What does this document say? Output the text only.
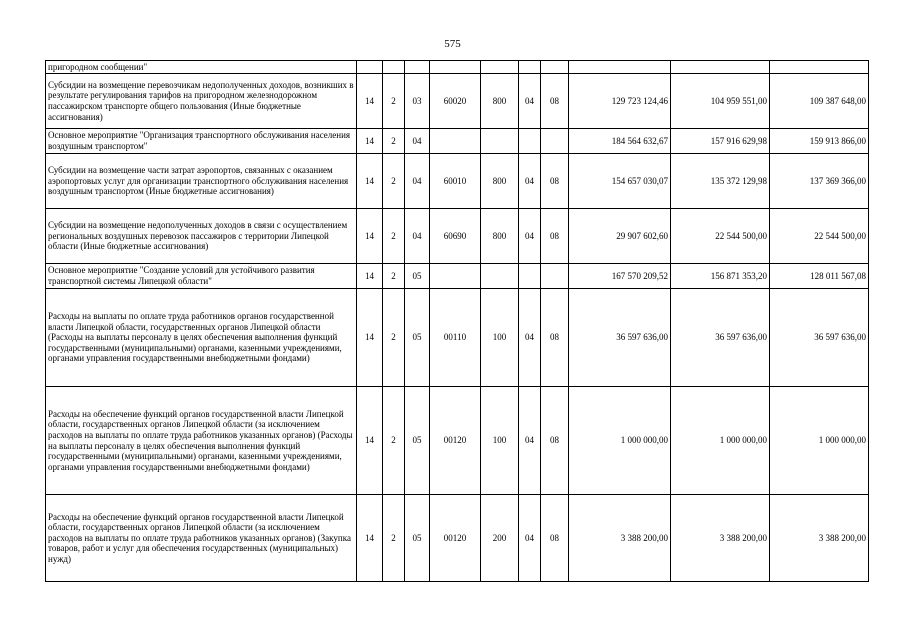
575
пригородном сообщении"										
Субсидии на возмещение перевозчикам недополученных доходов, возникших в результате регулирования тарифов на пригородном железнодорожном пассажирском транспорте общего пользования (Иные бюджетные ассигнования)	14	2	03	60020	800	04	08	129 723 124,46	104 959 551,00	109 387 648,00
Основное мероприятие "Организация транспортного обслуживания населения воздушным транспортом"	14	2	04					184 564 632,67	157 916 629,98	159 913 866,00
Субсидии на возмещение части затрат аэропортов, связанных с оказанием аэропортовых услуг для организации транспортного обслуживания населения воздушным транспортом (Иные бюджетные ассигнования)	14	2	04	60010	800	04	08	154 657 030,07	135 372 129,98	137 369 366,00
Субсидии на возмещение недополученных доходов в связи с осуществлением региональных воздушных перевозок пассажиров с территории Липецкой области (Иные бюджетные ассигнования)	14	2	04	60690	800	04	08	29 907 602,60	22 544 500,00	22 544 500,00
Основное мероприятие "Создание условий для устойчивого развития транспортной системы Липецкой области"	14	2	05					167 570 209,52	156 871 353,20	128 011 567,08
Расходы на выплаты по оплате труда работников органов государственной власти Липецкой области, государственных органов Липецкой области (Расходы на выплаты персоналу в целях обеспечения выполнения функций государственными (муниципальными) органами, казенными учреждениями, органами управления государственными внебюджетными фондами)	14	2	05	00110	100	04	08	36 597 636,00	36 597 636,00	36 597 636,00
Расходы на обеспечение функций органов государственной власти Липецкой области, государственных органов Липецкой области (за исключением расходов на выплаты по оплате труда работников указанных органов) (Расходы на выплаты персоналу в целях обеспечения выполнения функций государственными (муниципальными) органами, казенными учреждениями, органами управления государственными внебюджетными фондами)	14	2	05	00120	100	04	08	1 000 000,00	1 000 000,00	1 000 000,00
Расходы на обеспечение функций органов государственной власти Липецкой области, государственных органов Липецкой области (за исключением расходов на выплаты по оплате труда работников указанных органов) (Закупка товаров, работ и услуг для обеспечения государственных (муниципальных) нужд)	14	2	05	00120	200	04	08	3 388 200,00	3 388 200,00	3 388 200,00
